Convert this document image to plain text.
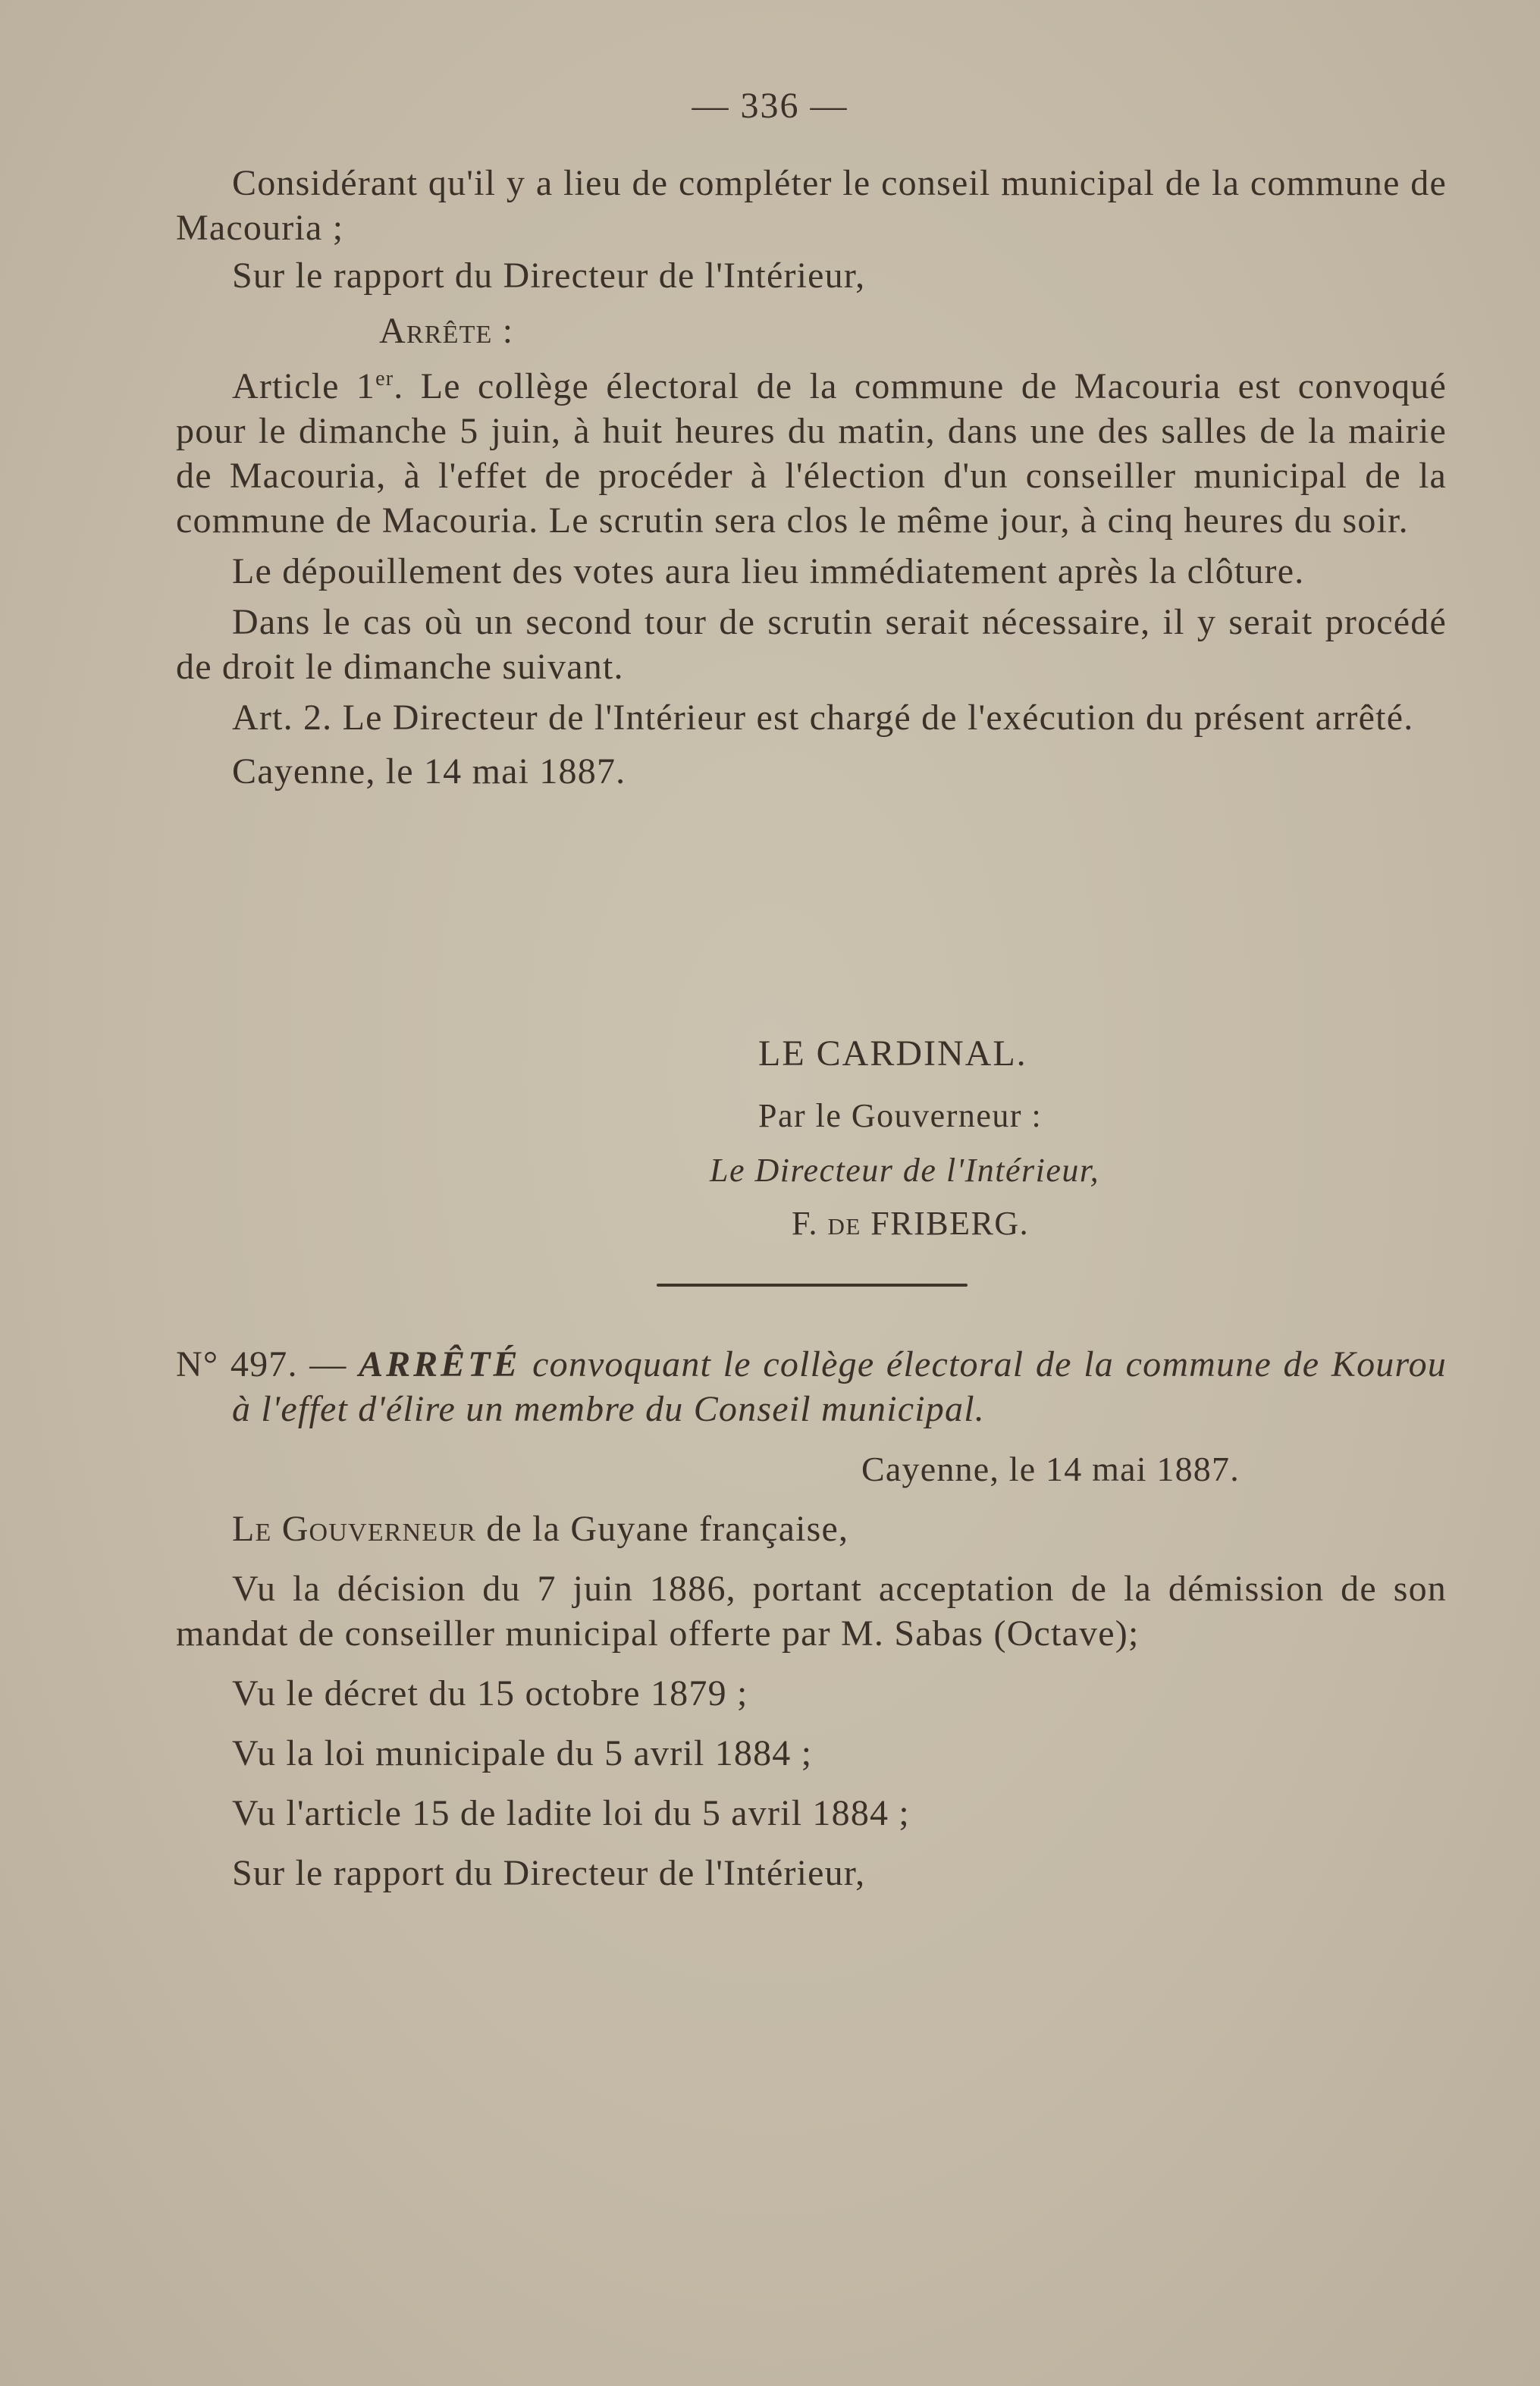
— 336 —

Considérant qu'il y a lieu de compléter le conseil municipal de la commune de Macouria ;

Sur le rapport du Directeur de l'Intérieur,

Arrête :

Article 1er. Le collège électoral de la commune de Macouria est convoqué pour le dimanche 5 juin, à huit heures du matin, dans une des salles de la mairie de Macouria, à l'effet de procéder à l'élection d'un conseiller municipal de la commune de Macouria. Le scrutin sera clos le même jour, à cinq heures du soir.

Le dépouillement des votes aura lieu immédiatement après la clôture.

Dans le cas où un second tour de scrutin serait nécessaire, il y serait procédé de droit le dimanche suivant.

Art. 2. Le Directeur de l'Intérieur est chargé de l'exécution du présent arrêté.

Cayenne, le 14 mai 1887.

LE CARDINAL.
Par le Gouverneur :
Le Directeur de l'Intérieur,
F. de FRIBERG.

N° 497. — ARRÊTÉ convoquant le collège électoral de la commune de Kourou à l'effet d'élire un membre du Conseil municipal.

Cayenne, le 14 mai 1887.

Le Gouverneur de la Guyane française,

Vu la décision du 7 juin 1886, portant acceptation de la démission de son mandat de conseiller municipal offerte par M. Sabas (Octave);

Vu le décret du 15 octobre 1879 ;

Vu la loi municipale du 5 avril 1884 ;

Vu l'article 15 de ladite loi du 5 avril 1884 ;

Sur le rapport du Directeur de l'Intérieur,
